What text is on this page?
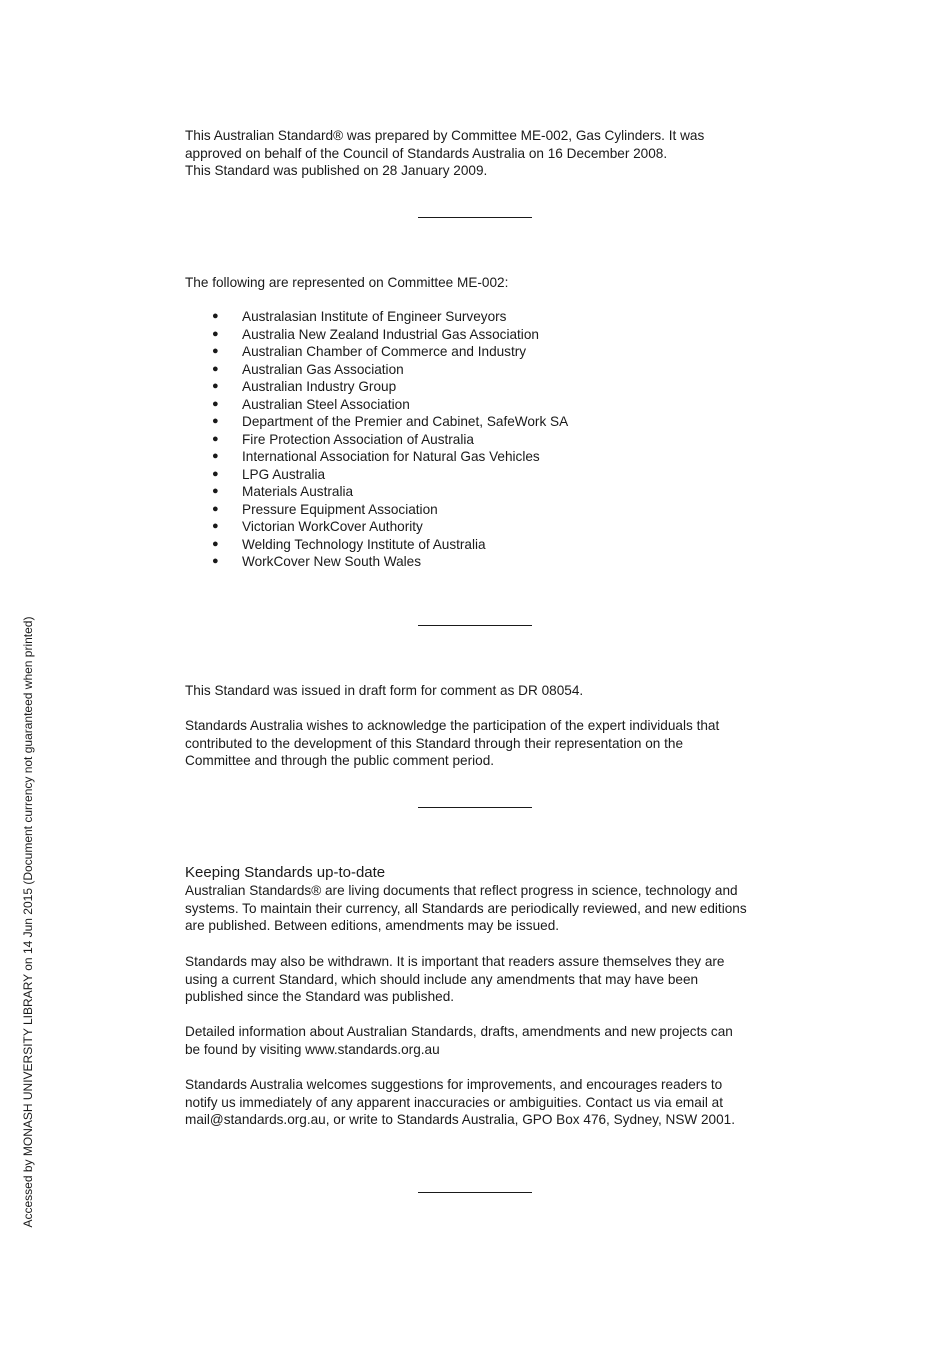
This Australian Standard® was prepared by Committee ME-002, Gas Cylinders. It was

approved on behalf of the Council of Standards Australia on 16 December 2008.

This Standard was published on 28 January 2009.

The following are represented on Committee ME-002:

● Australasian Institute of Engineer Surveyors
● Australia New Zealand Industrial Gas Association
● Australian Chamber of Commerce and Industry
● Australian Gas Association
● Australian Industry Group
● Australian Steel Association
● Department of the Premier and Cabinet, SafeWork SA
● Fire Protection Association of Australia
● International Association for Natural Gas Vehicles
● LPG Australia
● Materials Australia
● Pressure Equipment Association
● Victorian WorkCover Authority
● Welding Technology Institute of Australia
● WorkCover New South Wales

This Standard was issued in draft form for comment as DR 08054.

Standards Australia wishes to acknowledge the participation of the expert individuals that

contributed to the development of this Standard through their representation on the

Committee and through the public comment period.

Keeping Standards up-to-date

Australian Standards® are living documents that reflect progress in science, technology and

systems. To maintain their currency, all Standards are periodically reviewed, and new editions

are published. Between editions, amendments may be issued.

Standards may also be withdrawn. It is important that readers assure themselves they are

using a current Standard, which should include any amendments that may have been

published since the Standard was published.

Detailed information about Australian Standards, drafts, amendments and new projects can

be found by visiting www.standards.org.au

Standards Australia welcomes suggestions for improvements, and encourages readers to

notify us immediately of any apparent inaccuracies or ambiguities. Contact us via email at

mail@standards.org.au, or write to Standards Australia, GPO Box 476, Sydney, NSW 2001.

Accessed by MONASH UNIVERSITY LIBRARY on 14 Jun 2015 (Document currency not guaranteed when printed)
